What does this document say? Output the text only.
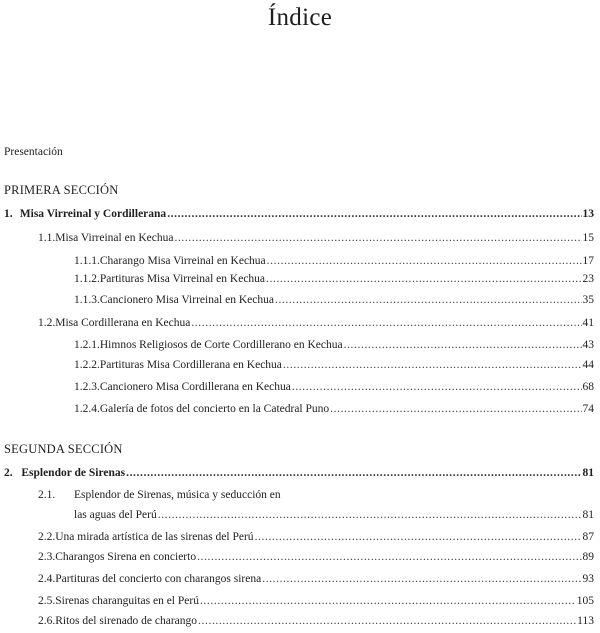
Índice
Presentación
PRIMERA SECCIÓN
1. Misa Virreinal y Cordillerana .....	13
1.1. Misa Virreinal en Kechua .....	15
1.1.1. Charango Misa Virreinal en Kechua .....	17
1.1.2. Partituras Misa Virreinal en Kechua .....	23
1.1.3. Cancionero Misa Virreinal en Kechua .....	35
1.2. Misa Cordillerana en Kechua .....	41
1.2.1. Himnos Religiosos de Corte Cordillerano en Kechua .....	43
1.2.2. Partituras Misa Cordillerana en Kechua .....	44
1.2.3. Cancionero Misa Cordillerana en Kechua .....	68
1.2.4. Galería de fotos del concierto en la Catedral Puno .....	74
SEGUNDA SECCIÓN
2. Esplendor de Sirenas .....	81
2.1.	Esplendor de Sirenas, música y seducción en
las aguas del Perú .....	81
2.2. Una mirada artística de las sirenas del Perú .....	87
2.3. Charangos Sirena en concierto .....	89
2.4. Partituras del concierto con charangos sirena .....	93
2.5. Sirenas charanguitas en el Perú .....	105
2.6. Ritos del sirenado de charango .....	113
